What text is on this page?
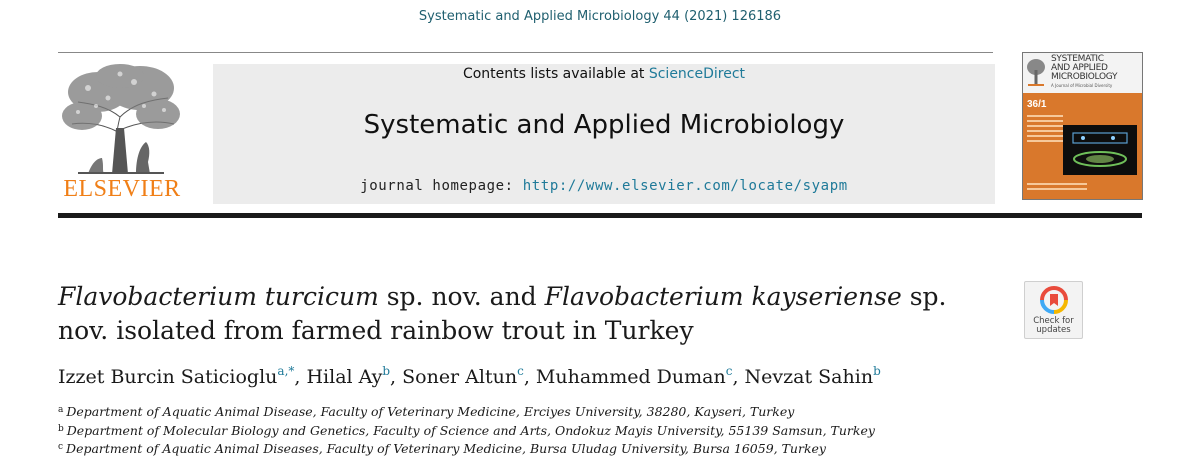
Systematic and Applied Microbiology 44 (2021) 126186
ELSEVIER
Contents lists available at ScienceDirect
Systematic and Applied Microbiology
journal homepage: http://www.elsevier.com/locate/syapm
SYSTEMATIC
AND APPLIED
MICROBIOLOGY
A Journal of Microbial Diversity
36/1
Flavobacterium turcicum sp. nov. and Flavobacterium kayseriense sp. nov. isolated from farmed rainbow trout in Turkey	Check for
updates
Izzet Burcin Saticioglu$^{a,*}$, Hilal Ay$^b$, Soner Altun$^c$, Muhammed Duman$^c$, Nevzat Sahin$^b$
$^a$ Department of Aquatic Animal Disease, Faculty of Veterinary Medicine, Erciyes University, 38280, Kayseri, Turkey
$^b$ Department of Molecular Biology and Genetics, Faculty of Science and Arts, Ondokuz Mayis University, 55139 Samsun, Turkey
$^c$ Department of Aquatic Animal Diseases, Faculty of Veterinary Medicine, Bursa Uludag University, Bursa 16059, Turkey
